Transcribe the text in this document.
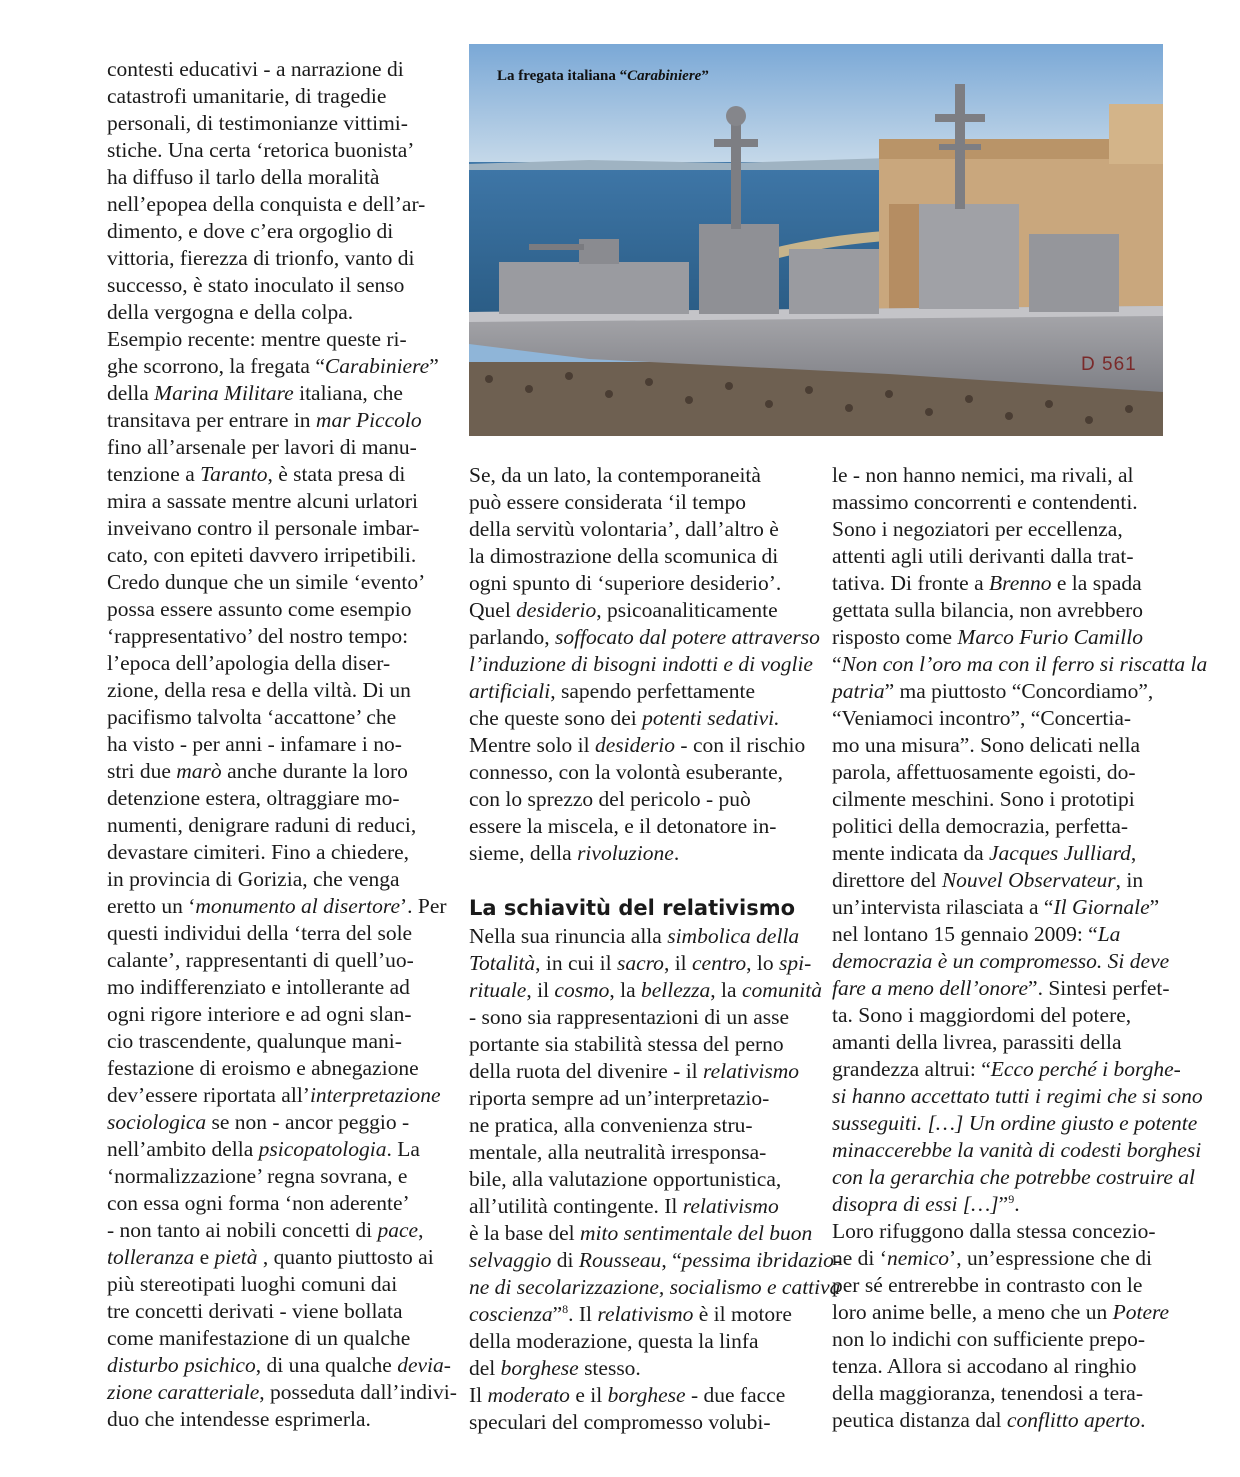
La fregata italiana “Carabiniere”
D 561

contesti educativi - a narrazione di

catastrofi umanitarie, di tragedie

personali, di testimonianze vittimi-

stiche. Una certa ‘retorica buonista’

ha diffuso il tarlo della moralità

nell’epopea della conquista e dell’ar-

dimento, e dove c’era orgoglio di

vittoria, fierezza di trionfo, vanto di

successo, è stato inoculato il senso

della vergogna e della colpa.

Esempio recente: mentre queste ri-

ghe scorrono, la fregata “Carabiniere”

della Marina Militare italiana, che

transitava per entrare in mar Piccolo

fino all’arsenale per lavori di manu-

tenzione a Taranto, è stata presa di

mira a sassate mentre alcuni urlatori

inveivano contro il personale imbar-

cato, con epiteti davvero irripetibili.

Credo dunque che un simile ‘evento’

possa essere assunto come esempio

‘rappresentativo’ del nostro tempo:

l’epoca dell’apologia della diser-

zione, della resa e della viltà. Di un

pacifismo talvolta ‘accattone’ che

ha visto - per anni - infamare i no-

stri due marò anche durante la loro

detenzione estera, oltraggiare mo-

numenti, denigrare raduni di reduci,

devastare cimiteri. Fino a chiedere,

in provincia di Gorizia, che venga

eretto un ‘monumento al disertore’. Per

questi individui della ‘terra del sole

calante’, rappresentanti di quell’uo-

mo indifferenziato e intollerante ad

ogni rigore interiore e ad ogni slan-

cio trascendente, qualunque mani-

festazione di eroismo e abnegazione

dev’essere riportata all’interpretazione

sociologica se non - ancor peggio -

nell’ambito della psicopatologia. La

‘normalizzazione’ regna sovrana, e

con essa ogni forma ‘non aderente’

- non tanto ai nobili concetti di pace,

tolleranza e pietà , quanto piuttosto ai

più stereotipati luoghi comuni dai

tre concetti derivati - viene bollata

come manifestazione di un qualche

disturbo psichico, di una qualche devia-

zione caratteriale, posseduta dall’indivi-

duo che intendesse esprimerla.

Se, da un lato, la contemporaneità

può essere considerata ‘il tempo

della servitù volontaria’, dall’altro è

la dimostrazione della scomunica di

ogni spunto di ‘superiore desiderio’.

Quel desiderio, psicoanaliticamente

parlando, soffocato dal potere attraverso

l’induzione di bisogni indotti e di voglie

artificiali, sapendo perfettamente

che queste sono dei potenti sedativi.

Mentre solo il desiderio - con il rischio

connesso, con la volontà esuberante,

con lo sprezzo del pericolo - può

essere la miscela, e il detonatore in-

sieme, della rivoluzione.

La schiavitù del relativismo

Nella sua rinuncia alla simbolica della

Totalità, in cui il sacro, il centro, lo spi-

rituale, il cosmo, la bellezza, la comunità

- sono sia rappresentazioni di un asse

portante sia stabilità stessa del perno

della ruota del divenire - il relativismo

riporta sempre ad un’interpretazio-

ne pratica, alla convenienza stru-

mentale, alla neutralità irresponsa-

bile, alla valutazione opportunistica,

all’utilità contingente. Il relativismo

è la base del mito sentimentale del buon

selvaggio di Rousseau, “pessima ibridazio-

ne di secolarizzazione, socialismo e cattiva

coscienza”$^8$. Il relativismo è il motore

della moderazione, questa la linfa

del borghese stesso.

Il moderato e il borghese - due facce

speculari del compromesso volubi-

le - non hanno nemici, ma rivali, al

massimo concorrenti e contendenti.

Sono i negoziatori per eccellenza,

attenti agli utili derivanti dalla trat-

tativa. Di fronte a Brenno e la spada

gettata sulla bilancia, non avrebbero

risposto come Marco Furio Camillo

“Non con l’oro ma con il ferro si riscatta la

patria” ma piuttosto “Concordiamo”,

“Veniamoci incontro”, “Concertia-

mo una misura”. Sono delicati nella

parola, affettuosamente egoisti, do-

cilmente meschini. Sono i prototipi

politici della democrazia, perfetta-

mente indicata da Jacques Julliard,

direttore del Nouvel Observateur, in

un’intervista rilasciata a “Il Giornale”

nel lontano 15 gennaio 2009: “La

democrazia è un compromesso. Si deve

fare a meno dell’onore”. Sintesi perfet-

ta. Sono i maggiordomi del potere,

amanti della livrea, parassiti della

grandezza altrui: “Ecco perché i borghe-

si hanno accettato tutti i regimi che si sono

susseguiti. […] Un ordine giusto e potente

minaccerebbe la vanità di codesti borghesi

con la gerarchia che potrebbe costruire al

disopra di essi […]”$^9$.

Loro rifuggono dalla stessa concezio-

ne di ‘nemico’, un’espressione che di

per sé entrerebbe in contrasto con le

loro anime belle, a meno che un Potere

non lo indichi con sufficiente prepo-

tenza. Allora si accodano al ringhio

della maggioranza, tenendosi a tera-

peutica distanza dal conflitto aperto.
